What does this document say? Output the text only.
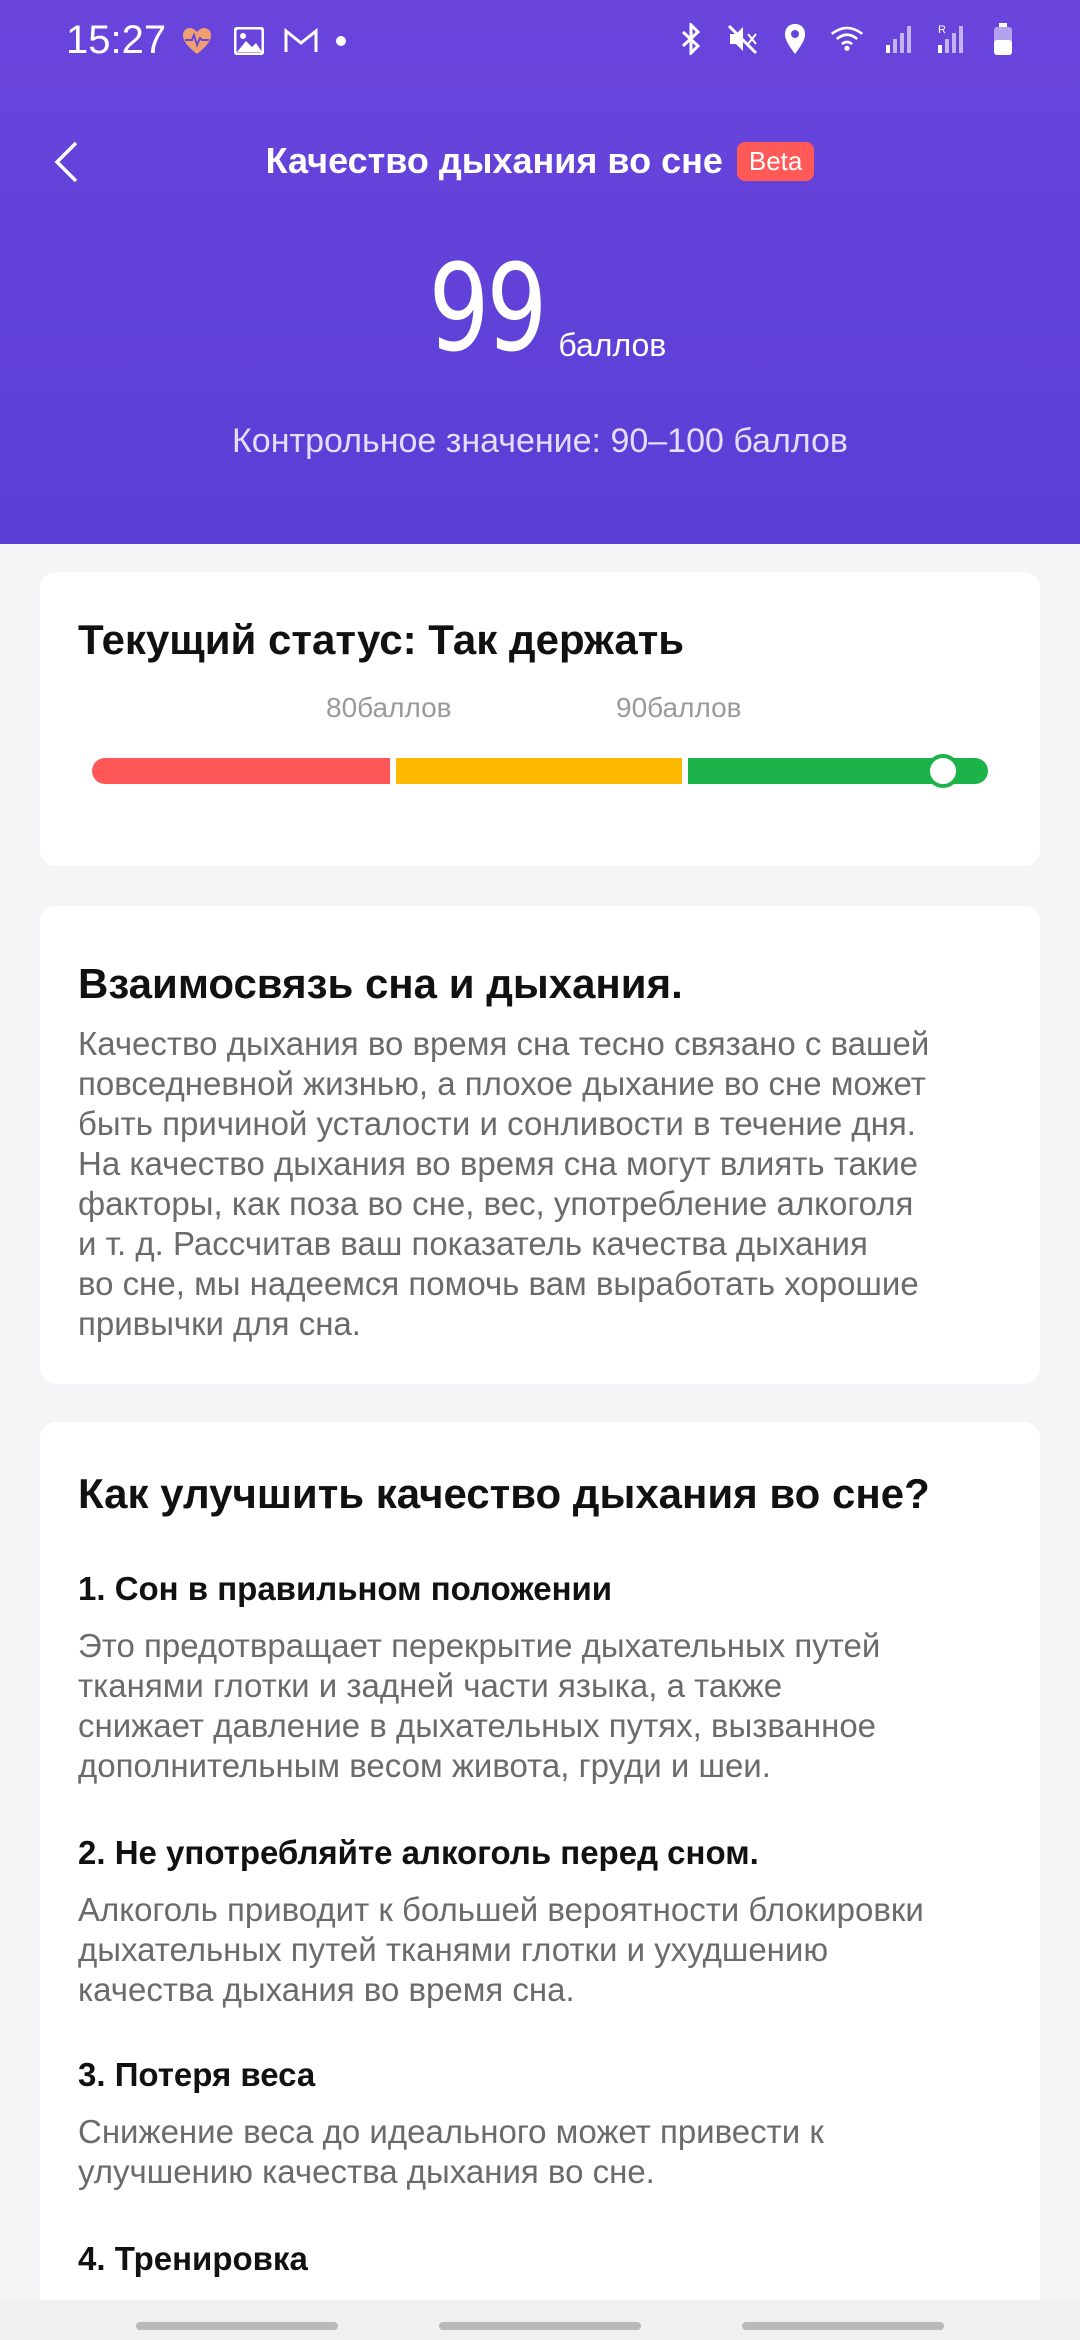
15:27	R
Качество дыхания во сне	Beta
99 баллов
Контрольное значение: 90–100 баллов
Текущий статус: Так держать
80баллов	90баллов
Взаимосвязь сна и дыхания.
Качество дыхания во время сна тесно связано с вашей
повседневной жизнью, а плохое дыхание во сне может
быть причиной усталости и сонливости в течение дня.
На качество дыхания во время сна могут влиять такие
факторы, как поза во сне, вес, употребление алкоголя
и т. д. Рассчитав ваш показатель качества дыхания
во сне, мы надеемся помочь вам выработать хорошие
привычки для сна.
Как улучшить качество дыхания во сне?
1. Сон в правильном положении
Это предотвращает перекрытие дыхательных путей
тканями глотки и задней части языка, а также
снижает давление в дыхательных путях, вызванное
дополнительным весом живота, груди и шеи.
2. Не употребляйте алкоголь перед сном.
Алкоголь приводит к большей вероятности блокировки
дыхательных путей тканями глотки и ухудшению
качества дыхания во время сна.
3. Потеря веса
Снижение веса до идеального может привести к
улучшению качества дыхания во сне.
4. Тренировка
